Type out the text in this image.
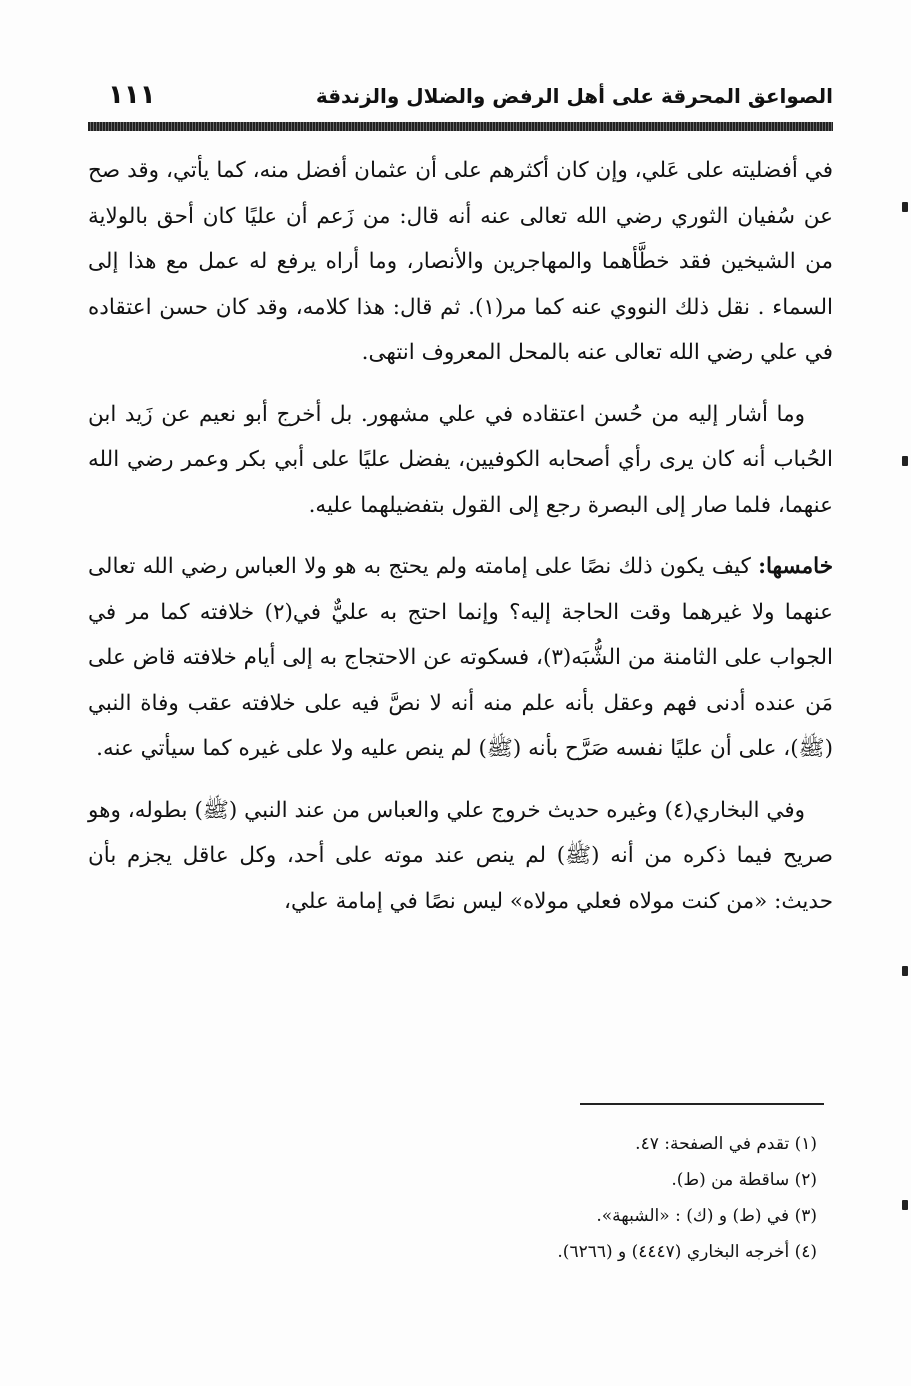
الصواعق المحرقة على أهل الرفض والضلال والزندقة
١١١

في أفضليته على عَلي، وإن كان أكثرهم على أن عثمان أفضل منه، كما يأتي، وقد صح عن سُفيان الثوري رضي الله تعالى عنه أنه قال: من زَعم أن عليًا كان أحق بالولاية من الشيخين فقد خطَّأهما والمهاجرين والأنصار، وما أراه يرفع له عمل مع هذا إلى السماء . نقل ذلك النووي عنه كما مر(١). ثم قال: هذا كلامه، وقد كان حسن اعتقاده في علي رضي الله تعالى عنه بالمحل المعروف انتهى.

وما أشار إليه من حُسن اعتقاده في علي مشهور. بل أخرج أبو نعيم عن زَيد ابن الحُباب أنه كان يرى رأي أصحابه الكوفيين، يفضل عليًا على أبي بكر وعمر رضي الله عنهما، فلما صار إلى البصرة رجع إلى القول بتفضيلهما عليه.

خامسها: كيف يكون ذلك نصًا على إمامته ولم يحتج به هو ولا العباس رضي الله تعالى عنهما ولا غيرهما وقت الحاجة إليه؟ وإنما احتج به عليٌّ في(٢) خلافته كما مر في الجواب على الثامنة من الشُّبَه(٣)، فسكوته عن الاحتجاج به إلى أيام خلافته قاض على مَن عنده أدنى فهم وعقل بأنه علم منه أنه لا نصَّ فيه على خلافته عقب وفاة النبي (ﷺ)، على أن عليًا نفسه صَرَّح بأنه (ﷺ) لم ينص عليه ولا على غيره كما سيأتي عنه.

وفي البخاري(٤) وغيره حديث خروج علي والعباس من عند النبي (ﷺ) بطوله، وهو صريح فيما ذكره من أنه (ﷺ) لم ينص عند موته على أحد، وكل عاقل يجزم بأن حديث: «من كنت مولاه فعلي مولاه» ليس نصًا في إمامة علي،

(١) تقدم في الصفحة: ٤٧.
(٢) ساقطة من (ط).
(٣) في (ط) و (ك) : «الشبهة».
(٤) أخرجه البخاري (٤٤٤٧) و (٦٢٦٦).
